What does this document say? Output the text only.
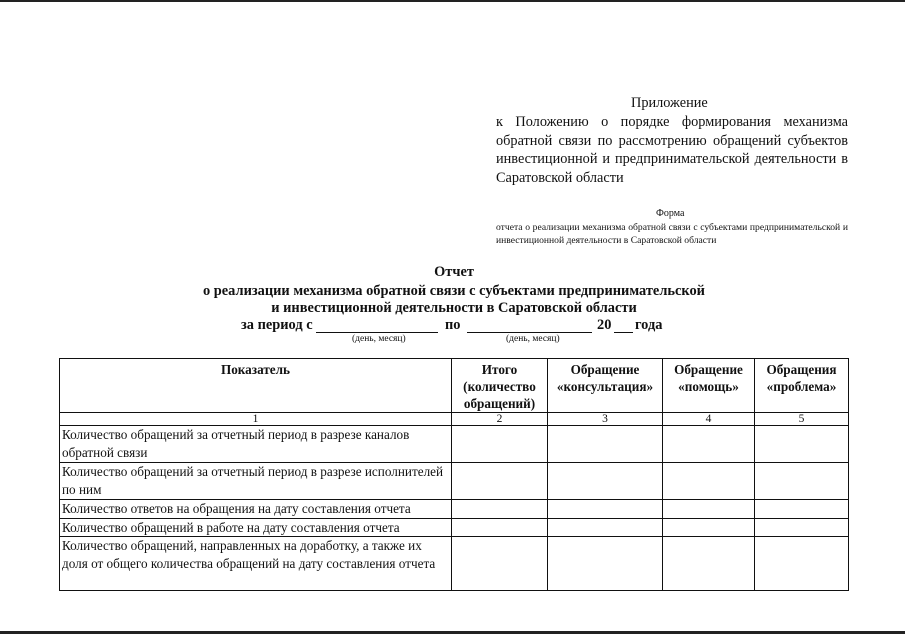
Приложение
к Положению о порядке формирования механизма обратной связи по рассмотрению обращений субъектов инвестиционной и предпринимательской деятельности в Саратовской области
Форма
отчета о реализации механизма обратной связи с субъектами предпринимательской и инвестиционной деятельности в Саратовской области
Отчет
о реализации механизма обратной связи с субъектами предпринимательской
и инвестиционной деятельности в Саратовской области
за период с	по	20 года
(день, месяц)	(день, месяц)
Показатель	Итого (количество обращений)	Обращение «консультация»	Обращение «помощь»	Обращения «проблема»
1	2	3	4	5
Количество обращений за отчетный период в разрезе каналов обратной связи				
Количество обращений за отчетный период в разрезе исполнителей по ним				
Количество ответов на обращения на дату составления отчета				
Количество обращений в работе на дату составления отчета				
Количество обращений, направленных на доработку, а также их доля от общего количества обращений на дату составления отчета				
